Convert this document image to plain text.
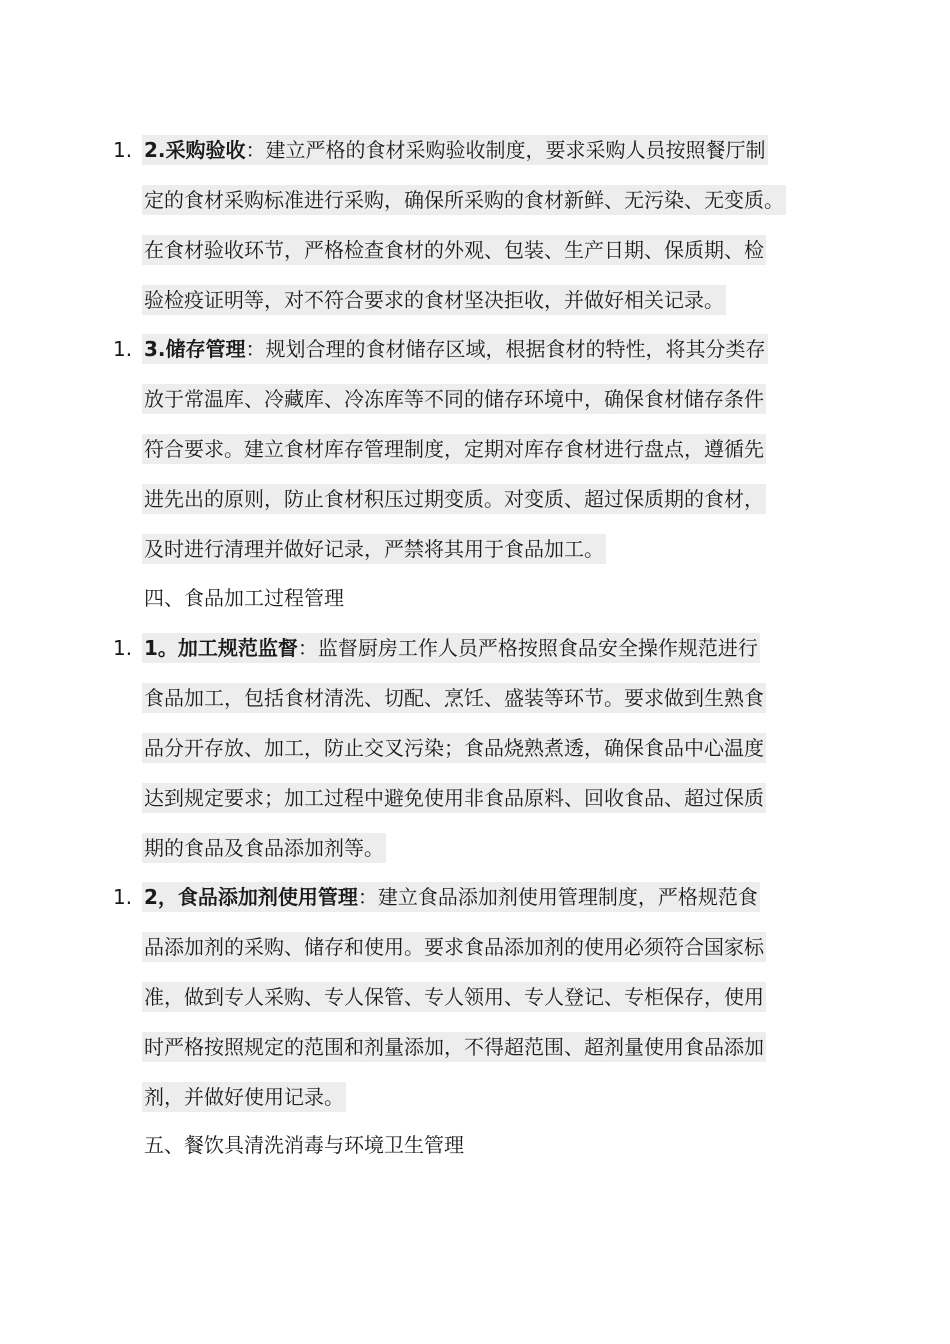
1. 2.采购验收：建立严格的食材采购验收制度，要求采购人员按照餐厅制
定的食材采购标准进行采购，确保所采购的食材新鲜、无污染、无变质。
在食材验收环节，严格检查食材的外观、包装、生产日期、保质期、检
验检疫证明等，对不符合要求的食材坚决拒收，并做好相关记录。
1. 3.储存管理：规划合理的食材储存区域，根据食材的特性，将其分类存
放于常温库、冷藏库、冷冻库等不同的储存环境中，确保食材储存条件
符合要求。建立食材库存管理制度，定期对库存食材进行盘点，遵循先
进先出的原则，防止食材积压过期变质。对变质、超过保质期的食材，
及时进行清理并做好记录，严禁将其用于食品加工。
四、食品加工过程管理
1. 1。加工规范监督：监督厨房工作人员严格按照食品安全操作规范进行
食品加工，包括食材清洗、切配、烹饪、盛装等环节。要求做到生熟食
品分开存放、加工，防止交叉污染；食品烧熟煮透，确保食品中心温度
达到规定要求；加工过程中避免使用非食品原料、回收食品、超过保质
期的食品及食品添加剂等。
1. 2，食品添加剂使用管理：建立食品添加剂使用管理制度，严格规范食
品添加剂的采购、储存和使用。要求食品添加剂的使用必须符合国家标
准，做到专人采购、专人保管、专人领用、专人登记、专柜保存，使用
时严格按照规定的范围和剂量添加，不得超范围、超剂量使用食品添加
剂，并做好使用记录。
五、餐饮具清洗消毒与环境卫生管理
